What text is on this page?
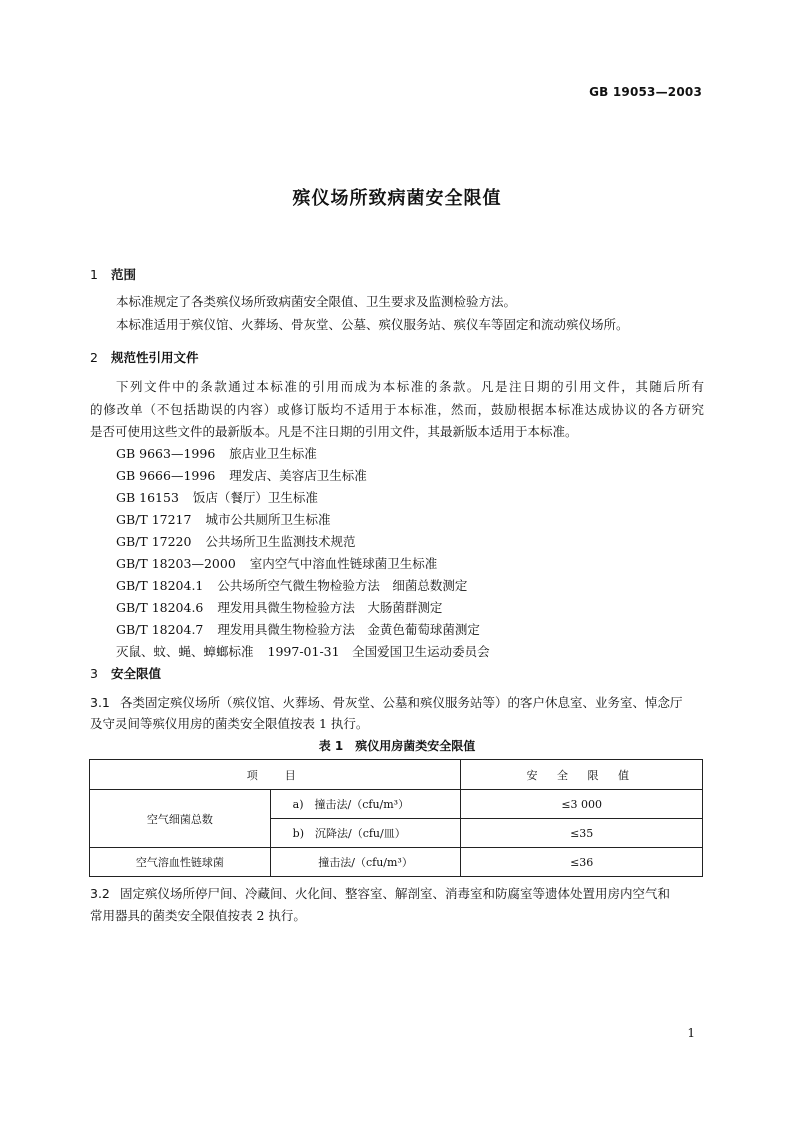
GB 19053—2003
殡仪场所致病菌安全限值
1 范围
本标准规定了各类殡仪场所致病菌安全限值、卫生要求及监测检验方法。
本标准适用于殡仪馆、火葬场、骨灰堂、公墓、殡仪服务站、殡仪车等固定和流动殡仪场所。
2 规范性引用文件
下列文件中的条款通过本标准的引用而成为本标准的条款。凡是注日期的引用文件，其随后所有
的修改单（不包括勘误的内容）或修订版均不适用于本标准，然而，鼓励根据本标准达成协议的各方研究
是否可使用这些文件的最新版本。凡是不注日期的引用文件，其最新版本适用于本标准。
GB 9663—1996 旅店业卫生标准
GB 9666—1996 理发店、美容店卫生标准
GB 16153 饭店（餐厅）卫生标准
GB/T 17217 城市公共厕所卫生标准
GB/T 17220 公共场所卫生监测技术规范
GB/T 18203—2000 室内空气中溶血性链球菌卫生标准
GB/T 18204.1 公共场所空气微生物检验方法　细菌总数测定
GB/T 18204.6 理发用具微生物检验方法　大肠菌群测定
GB/T 18204.7 理发用具微生物检验方法　金黄色葡萄球菌测定
灭鼠、蚊、蝇、蟑螂标准 1997-01-31　全国爱国卫生运动委员会
3 安全限值
3.1 各类固定殡仪场所（殡仪馆、火葬场、骨灰堂、公墓和殡仪服务站等）的客户休息室、业务室、悼念厅
及守灵间等殡仪用房的菌类安全限值按表 1 执行。
表 1　殡仪用房菌类安全限值
项　目		安 全 限 值
空气细菌总数	a)　撞击法/（cfu/m³）	≤3 000
	b)　沉降法/（cfu/皿）	≤35
空气溶血性链球菌	撞击法/（cfu/m³）	≤36
3.2 固定殡仪场所停尸间、冷藏间、火化间、整容室、解剖室、消毒室和防腐室等遗体处置用房内空气和
常用器具的菌类安全限值按表 2 执行。
1
